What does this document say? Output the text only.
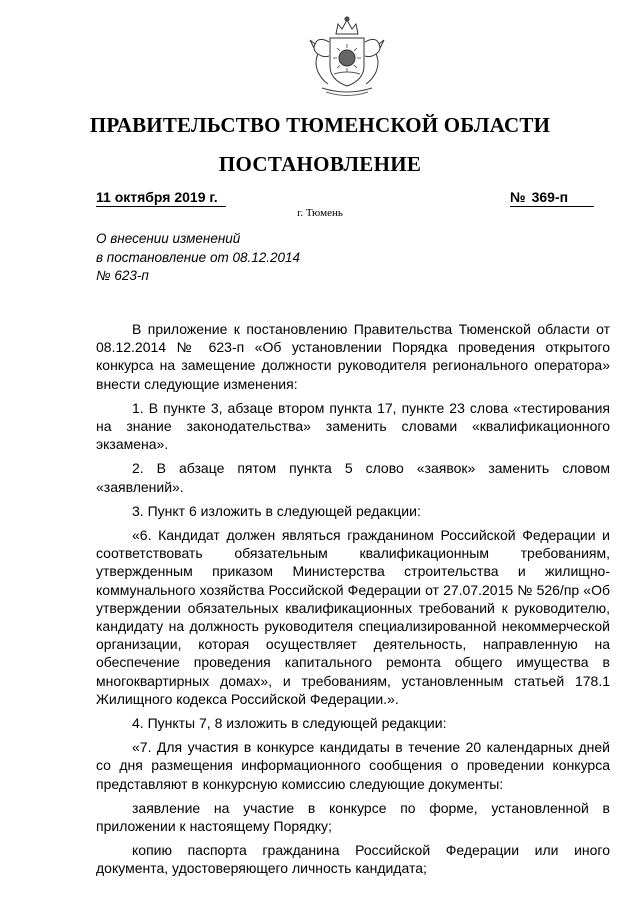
ПРАВИТЕЛЬСТВО ТЮМЕНСКОЙ ОБЛАСТИ
ПОСТАНОВЛЕНИЕ
11 октября 2019 г.	№ 369-п
г. Тюмень
О внесении изменений
в постановление от 08.12.2014
№ 623-п

В приложение к постановлению Правительства Тюменской области от 08.12.2014 № 623-п «Об установлении Порядка проведения открытого конкурса на замещение должности руководителя регионального оператора» внести следующие изменения:

1. В пункте 3, абзаце втором пункта 17, пункте 23 слова «тестирования на знание законодательства» заменить словами «квалификационного экзамена».

2. В абзаце пятом пункта 5 слово «заявок» заменить словом «заявлений».

3. Пункт 6 изложить в следующей редакции:

«6. Кандидат должен являться гражданином Российской Федерации и соответствовать обязательным квалификационным требованиям, утвержденным приказом Министерства строительства и жилищно-коммунального хозяйства Российской Федерации от 27.07.2015 № 526/пр «Об утверждении обязательных квалификационных требований к руководителю, кандидату на должность руководителя специализированной некоммерческой организации, которая осуществляет деятельность, направленную на обеспечение проведения капитального ремонта общего имущества в многоквартирных домах», и требованиям, установленным статьей 178.1 Жилищного кодекса Российской Федерации.».

4. Пункты 7, 8 изложить в следующей редакции:

«7. Для участия в конкурсе кандидаты в течение 20 календарных дней со дня размещения информационного сообщения о проведении конкурса представляют в конкурсную комиссию следующие документы:

заявление на участие в конкурсе по форме, установленной в приложении к настоящему Порядку;

копию паспорта гражданина Российской Федерации или иного документа, удостоверяющего личность кандидата;
